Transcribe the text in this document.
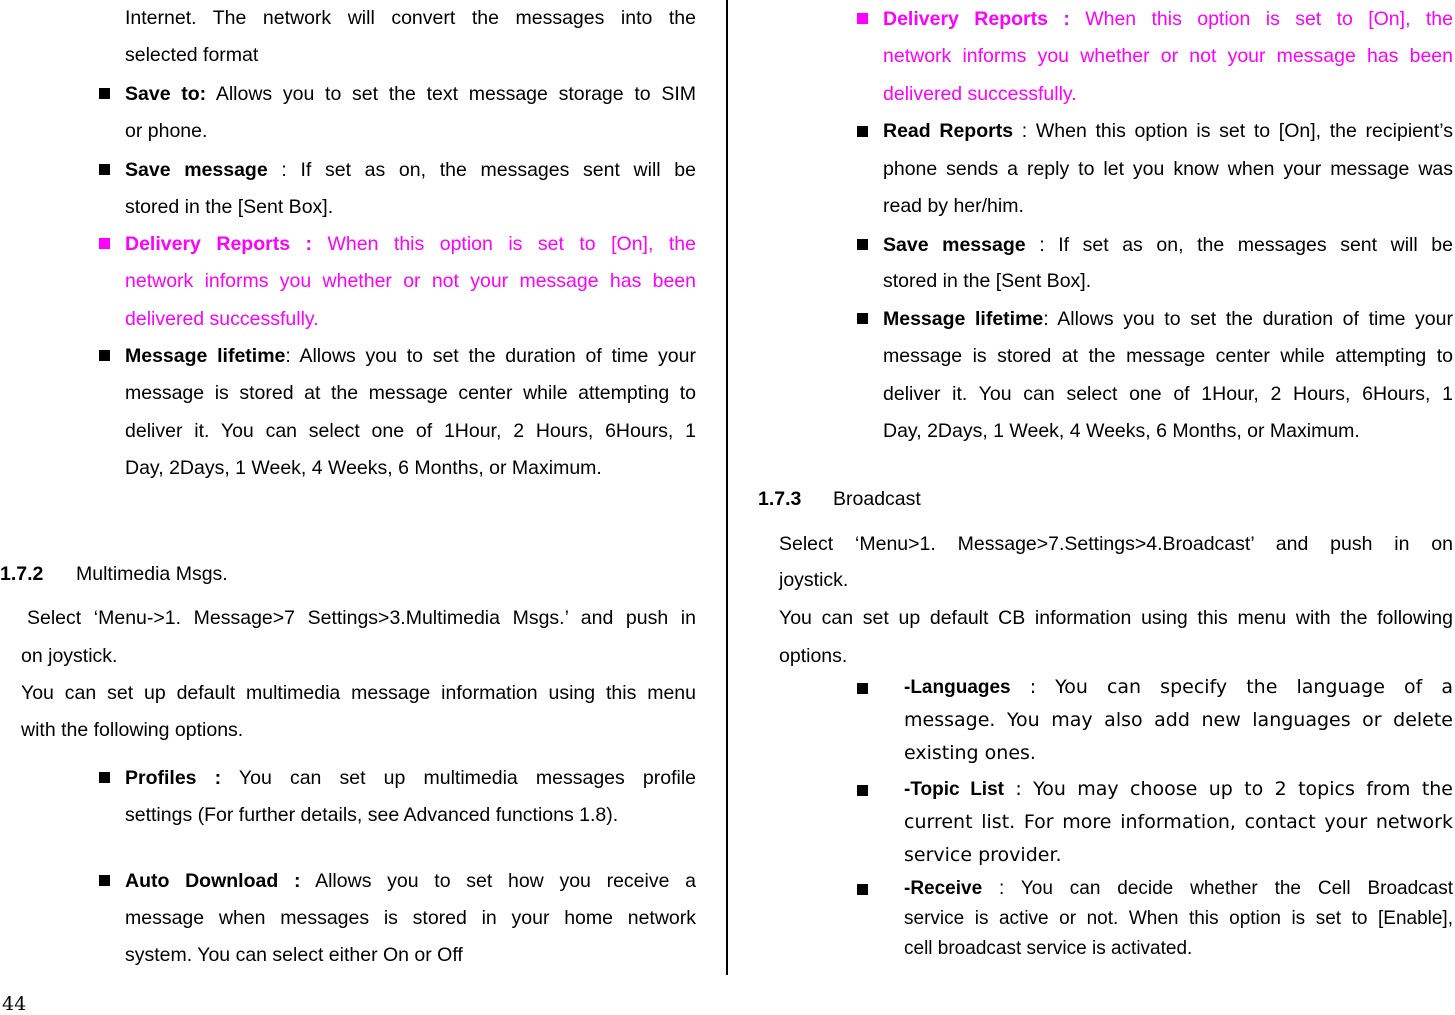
Internet. The network will convert the messages into the
selected format
Save to: Allows you to set the text message storage to SIM
or phone.
Save message : If set as on, the messages sent will be
stored in the [Sent Box].
Delivery Reports : When this option is set to [On], the
network informs you whether or not your message has been
delivered successfully.
Message lifetime: Allows you to set the duration of time your
message is stored at the message center while attempting to
deliver it. You can select one of 1Hour, 2 Hours, 6Hours, 1
Day, 2Days, 1 Week, 4 Weeks, 6 Months, or Maximum.
1.7.2 Multimedia Msgs.
Select ‘Menu->1. Message>7 Settings>3.Multimedia Msgs.’ and push in
on joystick.
You can set up default multimedia message information using this menu
with the following options.
Profiles : You can set up multimedia messages profile
settings (For further details, see Advanced functions 1.8).
Auto Download : Allows you to set how you receive a
message when messages is stored in your home network
system. You can select either On or Off
44
Delivery Reports : When this option is set to [On], the
network informs you whether or not your message has been
delivered successfully.
Read Reports : When this option is set to [On], the recipient’s
phone sends a reply to let you know when your message was
read by her/him.
Save message : If set as on, the messages sent will be
stored in the [Sent Box].
Message lifetime: Allows you to set the duration of time your
message is stored at the message center while attempting to
deliver it. You can select one of 1Hour, 2 Hours, 6Hours, 1
Day, 2Days, 1 Week, 4 Weeks, 6 Months, or Maximum.
1.7.3 Broadcast
Select ‘Menu>1. Message>7.Settings>4.Broadcast’ and push in on
joystick.
You can set up default CB information using this menu with the following
options.
-Languages : You can specify the language of a
message. You may also add new languages or delete
existing ones.
-Topic List : You may choose up to 2 topics from the
current list. For more information, contact your network
service provider.
-Receive : You can decide whether the Cell Broadcast
service is active or not. When this option is set to [Enable],
cell broadcast service is activated.
